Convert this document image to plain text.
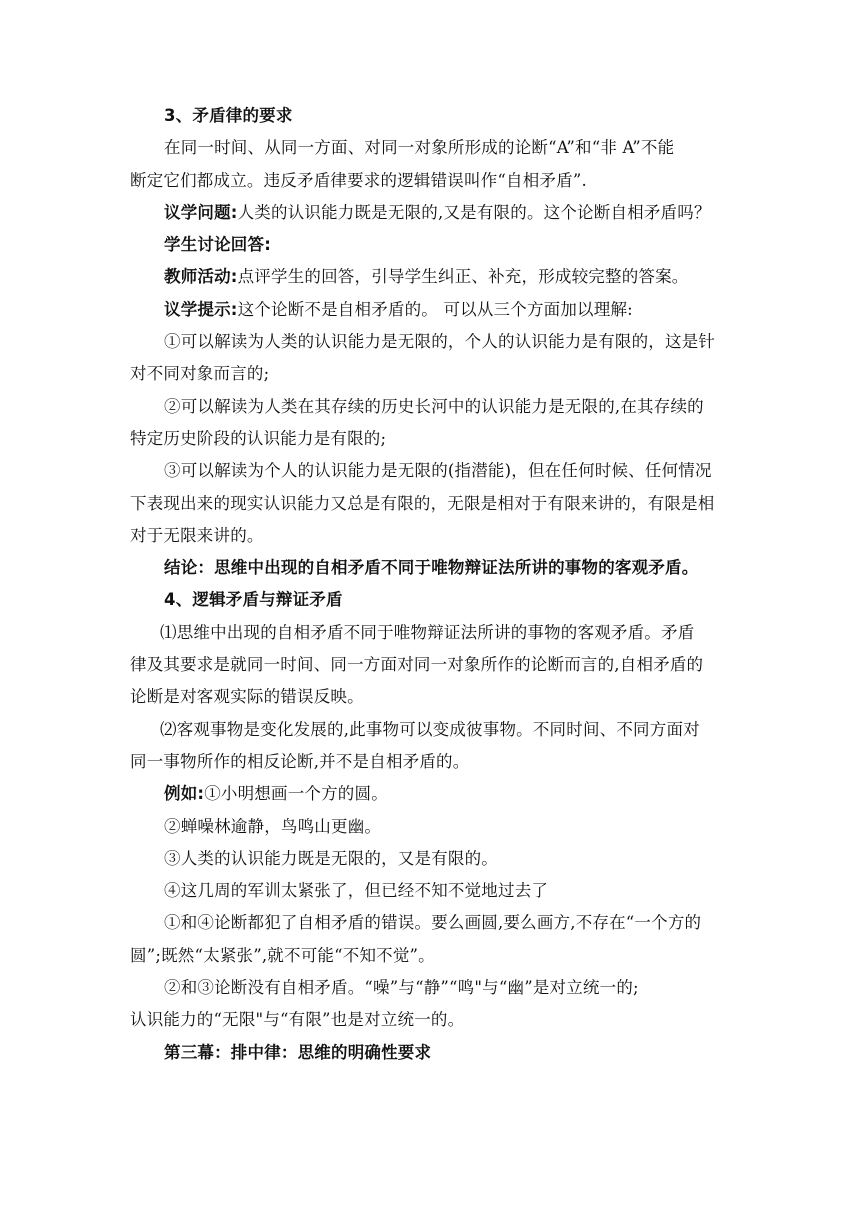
3、矛盾律的要求
在同一时间、从同一方面、对同一对象所形成的论断“A”和“非 A”不能
断定它们都成立。违反矛盾律要求的逻辑错误叫作“自相矛盾”.
议学问题:人类的认识能力既是无限的,又是有限的。这个论断自相矛盾吗？
学生讨论回答:
教师活动:点评学生的回答，引导学生纠正、补充，形成较完整的答案。
议学提示:这个论断不是自相矛盾的。 可以从三个方面加以理解:
①可以解读为人类的认识能力是无限的，个人的认识能力是有限的，这是针
对不同对象而言的;
②可以解读为人类在其存续的历史长河中的认识能力是无限的,在其存续的
特定历史阶段的认识能力是有限的;
③可以解读为个人的认识能力是无限的(指潜能)，但在任何时候、任何情况
下表现出来的现实认识能力又总是有限的，无限是相对于有限来讲的，有限是相
对于无限来讲的。
结论：思维中出现的自相矛盾不同于唯物辩证法所讲的事物的客观矛盾。
4、逻辑矛盾与辩证矛盾
⑴思维中出现的自相矛盾不同于唯物辩证法所讲的事物的客观矛盾。矛盾
律及其要求是就同一时间、同一方面对同一对象所作的论断而言的,自相矛盾的
论断是对客观实际的错误反映。
⑵客观事物是变化发展的,此事物可以变成彼事物。不同时间、不同方面对
同一事物所作的相反论断,并不是自相矛盾的。
例如:①小明想画一个方的圆。
②蝉噪林逾静，鸟鸣山更幽。
③人类的认识能力既是无限的，又是有限的。
④这几周的军训太紧张了，但已经不知不觉地过去了
①和④论断都犯了自相矛盾的错误。要么画圆,要么画方,不存在“一个方的
圆”;既然“太紧张”,就不可能“不知不觉”。
②和③论断没有自相矛盾。“噪”与“静”“鸣"与“幽”是对立统一的;
认识能力的“无限"与“有限”也是对立统一的。
第三幕：排中律：思维的明确性要求
